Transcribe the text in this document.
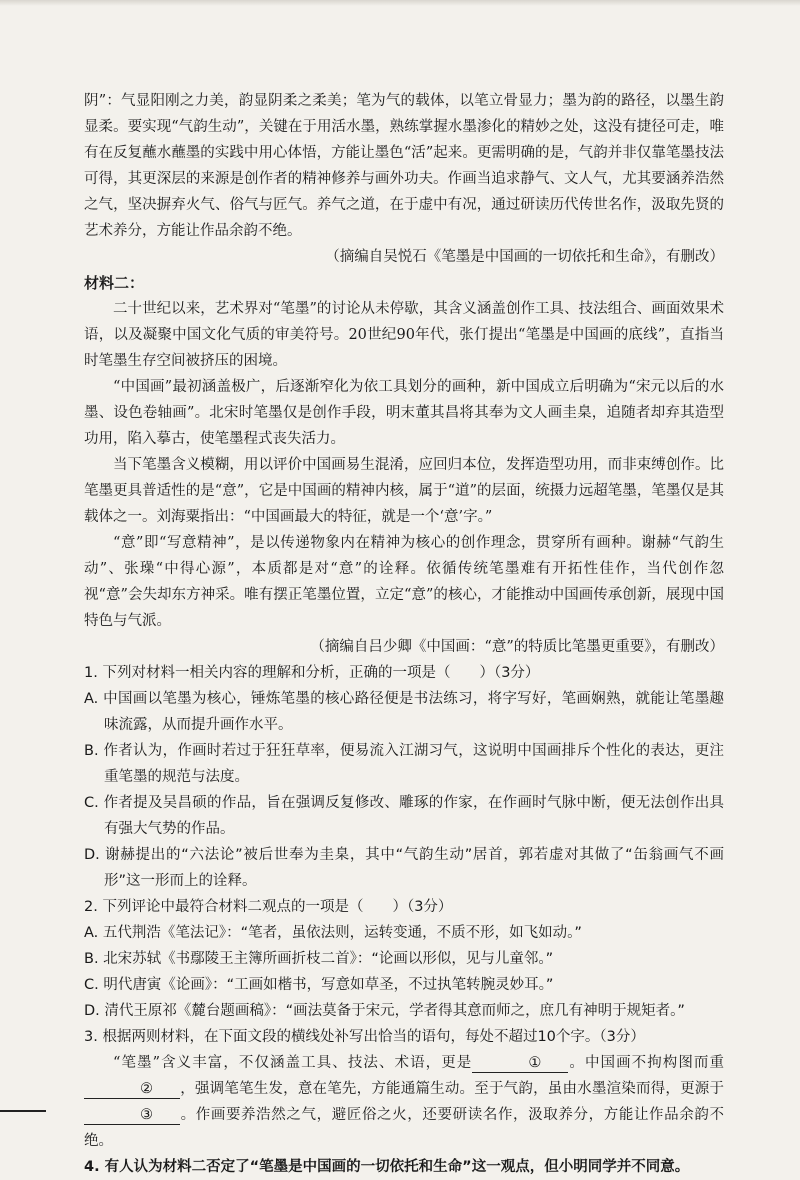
阴”：气显阳刚之力美，韵显阴柔之柔美；笔为气的载体，以笔立骨显力；墨为韵的路径，以墨生韵显柔。要实现“气韵生动”，关键在于用活水墨，熟练掌握水墨渗化的精妙之处，这没有捷径可走，唯有在反复蘸水蘸墨的实践中用心体悟，方能让墨色“活”起来。更需明确的是，气韵并非仅靠笔墨技法可得，其更深层的来源是创作者的精神修养与画外功夫。作画当追求静气、文人气，尤其要涵养浩然之气，坚决摒弃火气、俗气与匠气。养气之道，在于虚中有况，通过研读历代传世名作，汲取先贤的艺术养分，方能让作品余韵不绝。

（摘编自吴悦石《笔墨是中国画的一切依托和生命》，有删改）

材料二：

二十世纪以来，艺术界对“笔墨”的讨论从未停歇，其含义涵盖创作工具、技法组合、画面效果术语，以及凝聚中国文化气质的审美符号。20世纪90年代，张仃提出“笔墨是中国画的底线”，直指当时笔墨生存空间被挤压的困境。

“中国画”最初涵盖极广，后逐渐窄化为依工具划分的画种，新中国成立后明确为“宋元以后的水墨、设色卷轴画”。北宋时笔墨仅是创作手段，明末董其昌将其奉为文人画圭臬，追随者却弃其造型功用，陷入摹古，使笔墨程式丧失活力。

当下笔墨含义模糊，用以评价中国画易生混淆，应回归本位，发挥造型功用，而非束缚创作。比笔墨更具普适性的是“意”，它是中国画的精神内核，属于“道”的层面，统摄力远超笔墨，笔墨仅是其载体之一。刘海粟指出：“中国画最大的特征，就是一个‘意’字。”

“意”即“写意精神”，是以传递物象内在精神为核心的创作理念，贯穿所有画种。谢赫“气韵生动”、张璪“中得心源”，本质都是对“意”的诠释。依循传统笔墨难有开拓性佳作，当代创作忽视“意”会失却东方神采。唯有摆正笔墨位置，立定“意”的核心，才能推动中国画传承创新，展现中国特色与气派。

（摘编自吕少卿《中国画：“意”的特质比笔墨更重要》，有删改）

1. 下列对材料一相关内容的理解和分析，正确的一项是（　　）（3分）

A. 中国画以笔墨为核心，锤炼笔墨的核心路径便是书法练习，将字写好，笔画娴熟，就能让笔墨趣味流露，从而提升画作水平。

B. 作者认为，作画时若过于狂狂草率，便易流入江湖习气，这说明中国画排斥个性化的表达，更注重笔墨的规范与法度。

C. 作者提及吴昌硕的作品，旨在强调反复修改、雕琢的作家，在作画时气脉中断，便无法创作出具有强大气势的作品。

D. 谢赫提出的“六法论”被后世奉为圭臬，其中“气韵生动”居首，郭若虚对其做了“缶翁画气不画形”这一形而上的诠释。

2. 下列评论中最符合材料二观点的一项是（　　）（3分）

A. 五代荆浩《笔法记》：“笔者，虽依法则，运转变通，不质不形，如飞如动。”

B. 北宋苏轼《书鄢陵王主簿所画折枝二首》：“论画以形似，见与儿童邻。”

C. 明代唐寅《论画》：“工画如楷书，写意如草圣，不过执笔转腕灵妙耳。”

D. 清代王原祁《麓台题画稿》：“画法莫备于宋元，学者得其意而师之，庶几有神明于规矩者。”

3. 根据两则材料，在下面文段的横线处补写出恰当的语句，每处不超过10个字。（3分）

“笔墨”含义丰富，不仅涵盖工具、技法、术语，更是	① 。中国画不拘构图而重② ，强调笔笔生发，意在笔先，方能通篇生动。至于气韵，虽由水墨渲染而得，更源于③ 。作画要养浩然之气，避匠俗之火，还要研读名作，汲取养分，方能让作品余韵不绝。

4. 有人认为材料二否定了“笔墨是中国画的一切依托和生命”这一观点，但小明同学并不同意。
